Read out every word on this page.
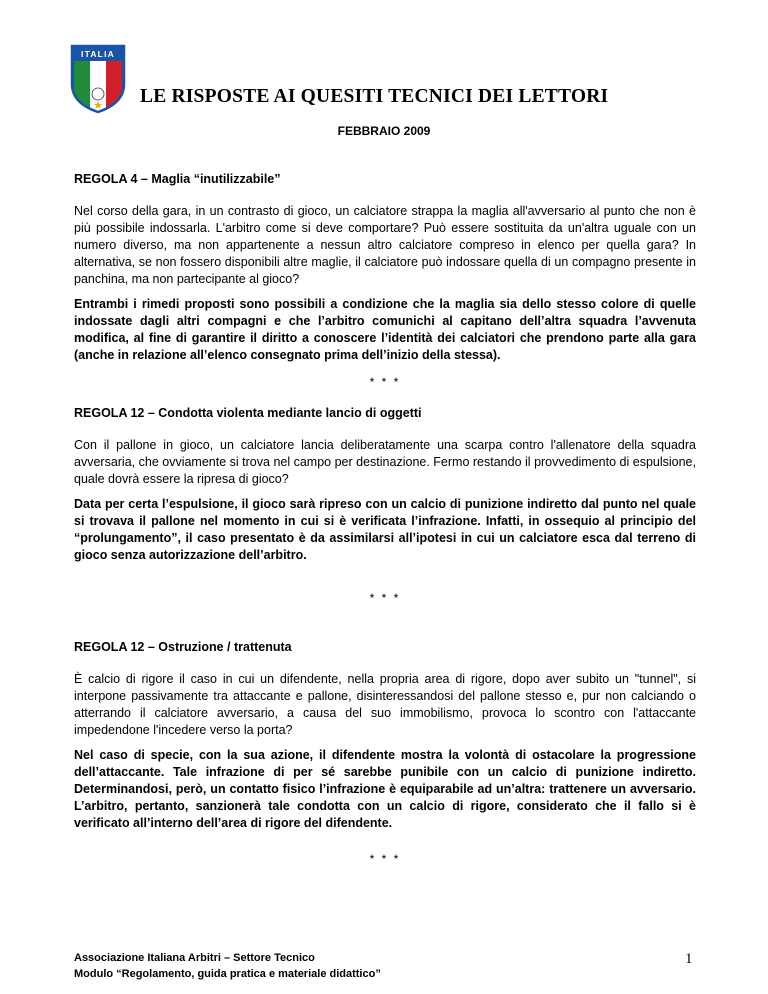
ITALIA
LE RISPOSTE AI QUESITI TECNICI DEI LETTORI
FEBBRAIO 2009
REGOLA 4 – Maglia “inutilizzabile”
Nel corso della gara, in un contrasto di gioco, un calciatore strappa la maglia all'avversario al punto che non è più possibile indossarla. L'arbitro come si deve comportare? Può essere sostituita da un'altra uguale con un numero diverso, ma non appartenente a nessun altro calciatore compreso in elenco per quella gara? In alternativa, se non fossero disponibili altre maglie, il calciatore può indossare quella di un compagno presente in panchina, ma non partecipante al gioco?
Entrambi i rimedi proposti sono possibili a condizione che la maglia sia dello stesso colore di quelle indossate dagli altri compagni e che l’arbitro comunichi al capitano dell’altra squadra l’avvenuta modifica, al fine di garantire il diritto a conoscere l’identità dei calciatori che prendono parte alla gara (anche in relazione all’elenco consegnato prima dell’inizio della stessa).
* * *
REGOLA 12 – Condotta violenta mediante lancio di oggetti
Con il pallone in gioco, un calciatore lancia deliberatamente una scarpa contro l'allenatore della squadra avversaria, che ovviamente si trova nel campo per destinazione. Fermo restando il provvedimento di espulsione, quale dovrà essere la ripresa di gioco?
Data per certa l’espulsione, il gioco sarà ripreso con un calcio di punizione indiretto dal punto nel quale si trovava il pallone nel momento in cui si è verificata l’infrazione. Infatti, in ossequio al principio del “prolungamento”, il caso presentato è da assimilarsi all’ipotesi in cui un calciatore esca dal terreno di gioco senza autorizzazione dell’arbitro.
* * *
REGOLA 12 – Ostruzione / trattenuta
È calcio di rigore il caso in cui un difendente, nella propria area di rigore, dopo aver subito un "tunnel", si interpone passivamente tra attaccante e pallone, disinteressandosi del pallone stesso e, pur non calciando o atterrando il calciatore avversario, a causa del suo immobilismo, provoca lo scontro con l'attaccante impedendone l'incedere verso la porta?
Nel caso di specie, con la sua azione, il difendente mostra la volontà di ostacolare la progressione dell’attaccante. Tale infrazione di per sé sarebbe punibile con un calcio di punizione indiretto. Determinandosi, però, un contatto fisico l’infrazione è equiparabile ad un’altra: trattenere un avversario. L’arbitro, pertanto, sanzionerà tale condotta con un calcio di rigore, considerato che il fallo si è verificato all’interno dell’area di rigore del difendente.
* * *
Associazione Italiana Arbitri – Settore Tecnico
Modulo “Regolamento, guida pratica e materiale didattico”
1
